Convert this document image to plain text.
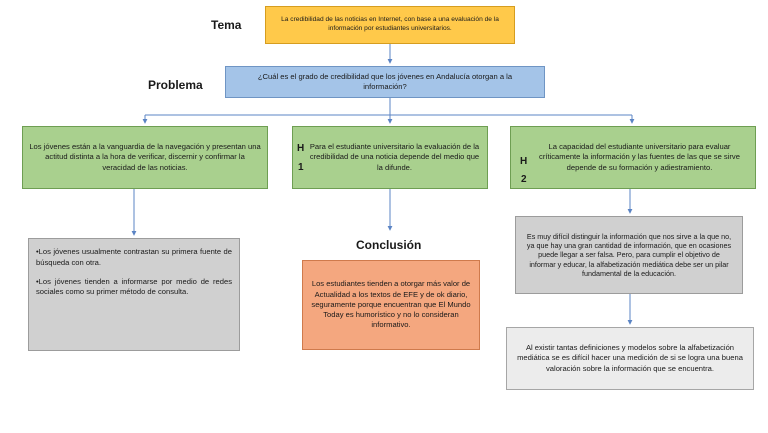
Tema
Problema
Conclusión
La credibilidad de las noticias en Internet, con base a una evaluación de la información por estudiantes universitarios.
¿Cuál es el grado de credibilidad que los jóvenes en Andalucía otorgan a la información?
Los jóvenes están a la vanguardia de la navegación y presentan una actitud distinta a la hora de verificar, discernir y confirmar la veracidad de las noticias.
Para el estudiante universitario la evaluación de la credibilidad de una noticia depende del medio que la difunde.
H
1
La capacidad del estudiante universitario para evaluar críticamente la información y las fuentes de las que se sirve depende de su formación y adiestramiento.
H
2

•Los jóvenes usualmente contrastan su primera fuente de búsqueda con otra.

•Los jóvenes tienden a informarse por medio de redes sociales como su primer método de consulta.

Los estudiantes tienden a otorgar más valor de Actualidad a los textos de EFE y de ok diario, seguramente porque encuentran que El Mundo Today es humorístico y no lo consideran informativo.
Es muy difícil distinguir la información que nos sirve a la que no, ya que hay una gran cantidad de información, que en ocasiones puede llegar a ser falsa. Pero, para cumplir el objetivo de informar y educar, la alfabetización mediática debe ser un pilar fundamental de la educación.
Al existir tantas definiciones y modelos sobre la alfabetización mediática se es difícil hacer una medición de si se logra una buena valoración sobre la información que se encuentra.
